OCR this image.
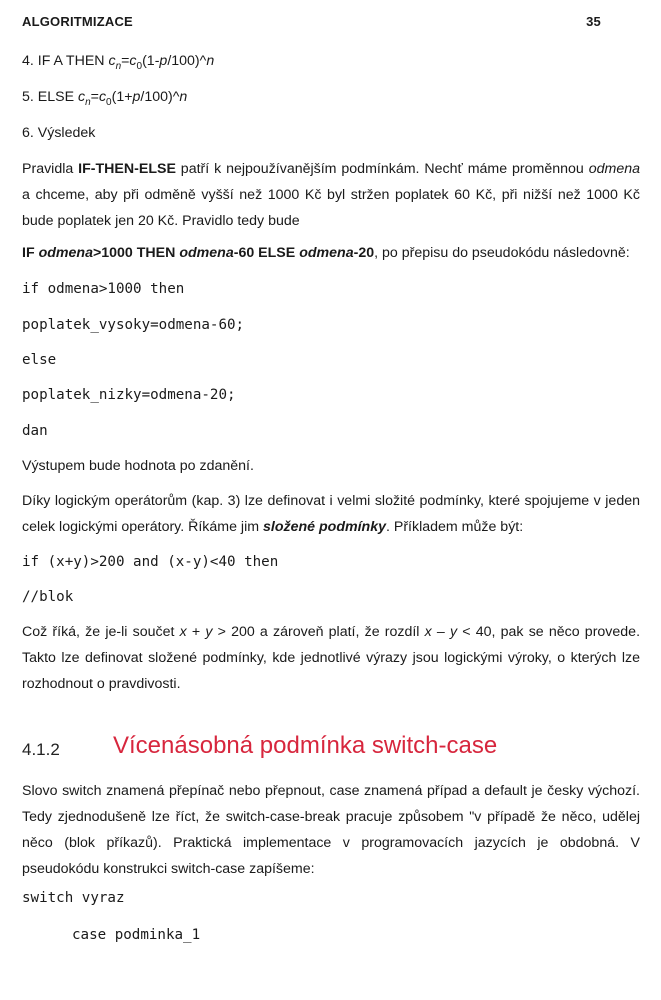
ALGORITMIZACE	35

4. IF A THEN $c_n=c_0(1-p/100)\^{}n$

5. ELSE $c_n=c_0(1+p/100)\^{}n$

6. Výsledek

Pravidla IF-THEN-ELSE patří k nejpoužívanějším podmínkám. Nechť máme proměnnou odmena a chceme, aby při odměně vyšší než 1000 Kč byl stržen poplatek 60 Kč, při nižší než 1000 Kč bude poplatek jen 20 Kč. Pravidlo tedy bude

IF odmena>1000 THEN odmena-60 ELSE odmena-20, po přepisu do pseudokódu následovně:

if odmena>1000 then
poplatek_vysoky=odmena-60;
else
poplatek_nizky=odmena-20;
dan

Výstupem bude hodnota po zdanění.

Díky logickým operátorům (kap. 3) lze definovat i velmi složité podmínky, které spojujeme v jeden celek logickými operátory. Říkáme jim složené podmínky. Příkladem může být:

if (x+y)>200 and (x-y)<40 then
//blok

Což říká, že je-li součet x + y > 200 a zároveň platí, že rozdíl x – y < 40, pak se něco provede. Takto lze definovat složené podmínky, kde jednotlivé výrazy jsou logickými výroky, o kterých lze rozhodnout o pravdivosti.

4.1.2 Vícenásobná podmínka switch-case

Slovo switch znamená přepínač nebo přepnout, case znamená případ a default je česky výchozí. Tedy zjednodušeně lze říct, že switch-case-break pracuje způsobem "v případě že něco, udělej něco (blok příkazů). Praktická implementace v programovacích jazycích je obdobná. V pseudokódu konstrukci switch-case zapíšeme:

switch vyraz
case podminka_1
